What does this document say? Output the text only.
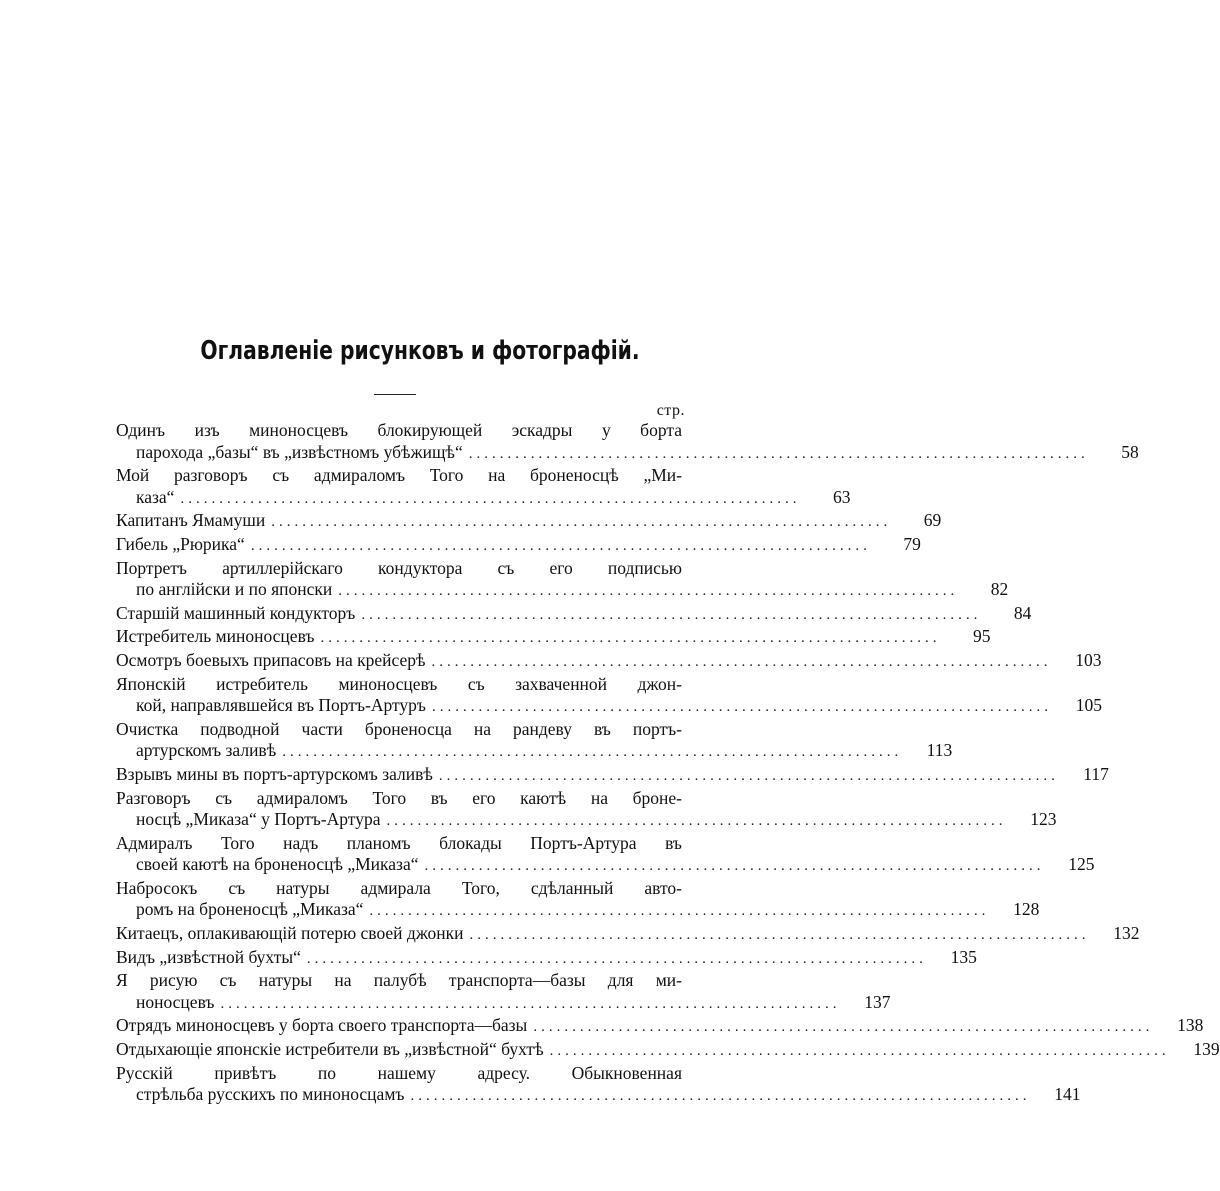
Оглавленіе рисунковъ и фотографій.
стр.
Одинъ изъ миноносцевъ блокирующей эскадры у борта
парохода „базы“ въ „извѣстномъ убѣжищѣ“ ................................................................................	58
Мой разговоръ съ адмираломъ Того на броненосцѣ „Ми-
каза“ ................................................................................	63
Капитанъ Ямамуши ................................................................................	69
Гибель „Рюрика“ ................................................................................	79
Портретъ артиллерійскаго кондуктора съ его подписью
по англійски и по японски ................................................................................	82
Старшій машинный кондукторъ ................................................................................	84
Истребитель миноносцевъ ................................................................................	95
Осмотръ боевыхъ припасовъ на крейсерѣ ................................................................................	103
Японскій истребитель миноносцевъ съ захваченной джон-
кой, направлявшейся въ Портъ-Артуръ ................................................................................	105
Очистка подводной части броненосца на рандеву въ портъ-
артурскомъ заливѣ ................................................................................	113
Взрывъ мины въ портъ-артурскомъ заливѣ ................................................................................	117
Разговоръ съ адмираломъ Того въ его каютѣ на броне-
носцѣ „Миказа“ у Портъ-Артура ................................................................................	123
Адмиралъ Того надъ планомъ блокады Портъ-Артура въ
своей каютѣ на броненосцѣ „Миказа“ ................................................................................	125
Набросокъ съ натуры адмирала Того, сдѣланный авто-
ромъ на броненосцѣ „Миказа“ ................................................................................	128
Китаецъ, оплакивающій потерю своей джонки ................................................................................	132
Видъ „извѣстной бухты“ ................................................................................	135
Я рисую съ натуры на палубѣ транспорта—базы для ми-
ноносцевъ ................................................................................	137
Отрядъ миноносцевъ у борта своего транспорта—базы ................................................................................	138
Отдыхающіе японскіе истребители въ „извѣстной“ бухтѣ ................................................................................	139
Русскій привѣтъ по нашему адресу. Обыкновенная
стрѣльба русскихъ по миноносцамъ ................................................................................	141
